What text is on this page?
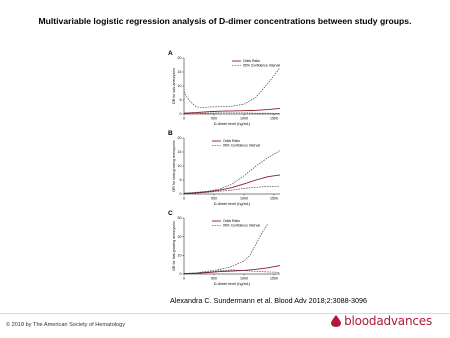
Multivariable logistic regression analysis of D-dimer concentrations between study groups.
A
0
5
10
15
20
0	500	1000	1500
D-dimer level (ng/mL)
OR for sub-aneurysms
Odds Ratio
95% Confidence Interval
B
0
5
10
15
20
0	500	1000	1500
D-dimer level (ng/mL)
OR for slow-growing aneurysms	Odds Ratio
95% Confidence Interval
C
0
10
20
30
0	500	1000	1500
D-dimer level (ng/mL)
OR for fast-growing aneurysms	Odds Ratio
95% Confidence Interval
Alexandra C. Sundermann et al. Blood Adv 2018;2:3088-3096
© 2018 by The American Society of Hematology	bloodadvances
